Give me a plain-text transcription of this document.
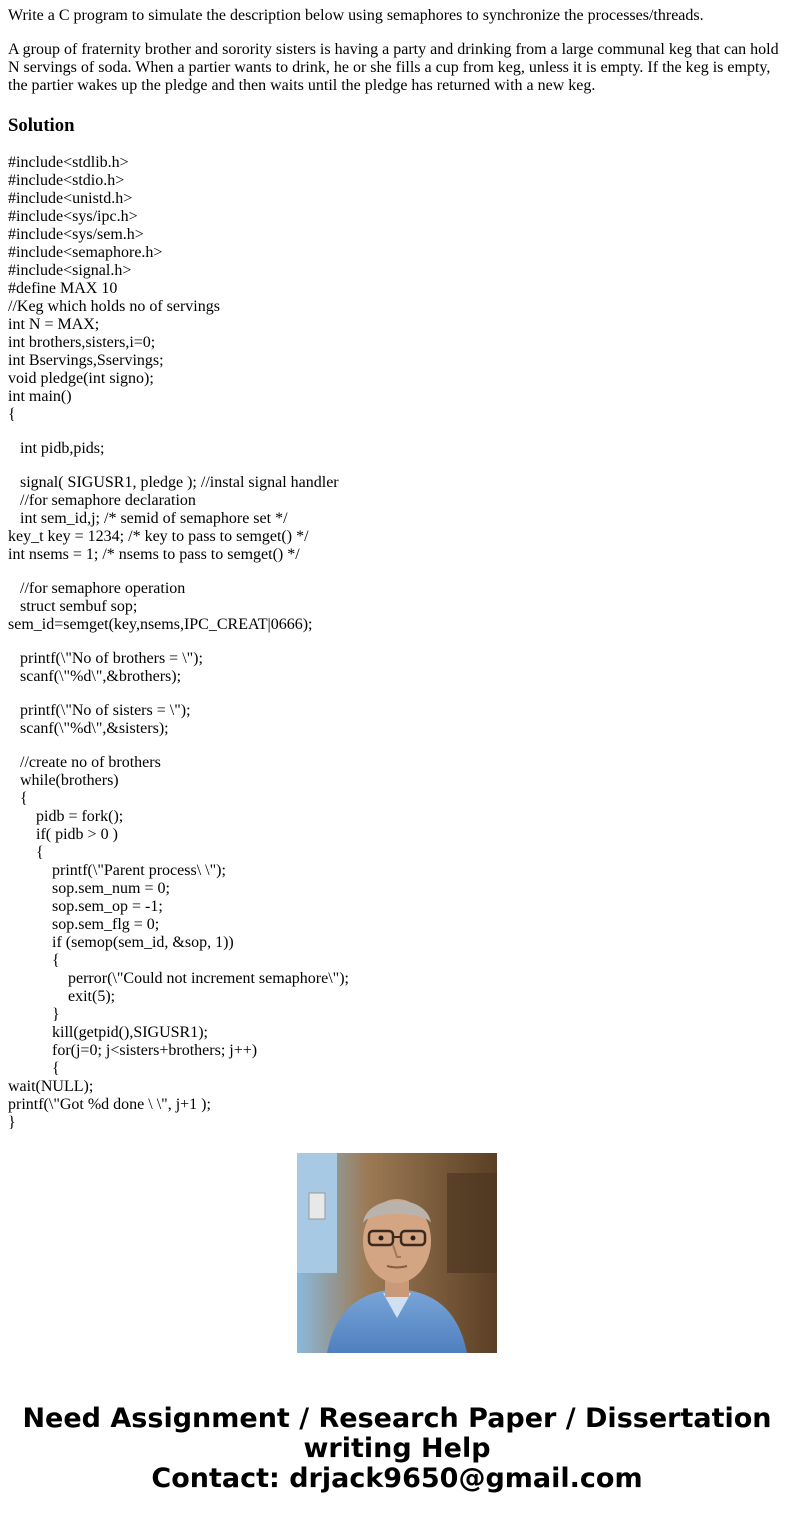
Write a C program to simulate the description below using semaphores to synchronize the processes/threads.

A group of fraternity brother and sorority sisters is having a party and drinking from a large communal keg that can hold N servings of soda. When a partier wants to drink, he or she fills a cup from keg, unless it is empty. If the keg is empty, the partier wakes up the pledge and then waits until the pledge has returned with a new keg.

Solution
#include<stdlib.h>
#include<stdio.h>
#include<unistd.h>
#include<sys/ipc.h>
#include<sys/sem.h>
#include<semaphore.h>
#include<signal.h>
#define MAX 10
//Keg which holds no of servings
int N = MAX;
int brothers,sisters,i=0;
int Bservings,Sservings;
void pledge(int signo);
int main()
{
int pidb,pids;
signal( SIGUSR1, pledge ); //instal signal handler
//for semaphore declaration
int sem_id,j; /* semid of semaphore set */
key_t key = 1234; /* key to pass to semget() */
int nsems = 1; /* nsems to pass to semget() */
//for semaphore operation
struct sembuf sop;
sem_id=semget(key,nsems,IPC_CREAT|0666);
printf(\"No of brothers = \");
scanf(\"%d\",&brothers);
printf(\"No of sisters = \");
scanf(\"%d\",&sisters);
//create no of brothers
while(brothers)
{
pidb = fork();
if( pidb > 0 )
{
printf(\"Parent process\ \");
sop.sem_num = 0;
sop.sem_op = -1;
sop.sem_flg = 0;
if (semop(sem_id, &sop, 1))
{
perror(\"Could not increment semaphore\");
exit(5);
}
kill(getpid(),SIGUSR1);
for(j=0; j<sisters+brothers; j++)
{
wait(NULL);
printf(\"Got %d done \ \", j+1 );
}
Need Assignment / Research Paper / Dissertation
writing Help
Contact: drjack9650@gmail.com
